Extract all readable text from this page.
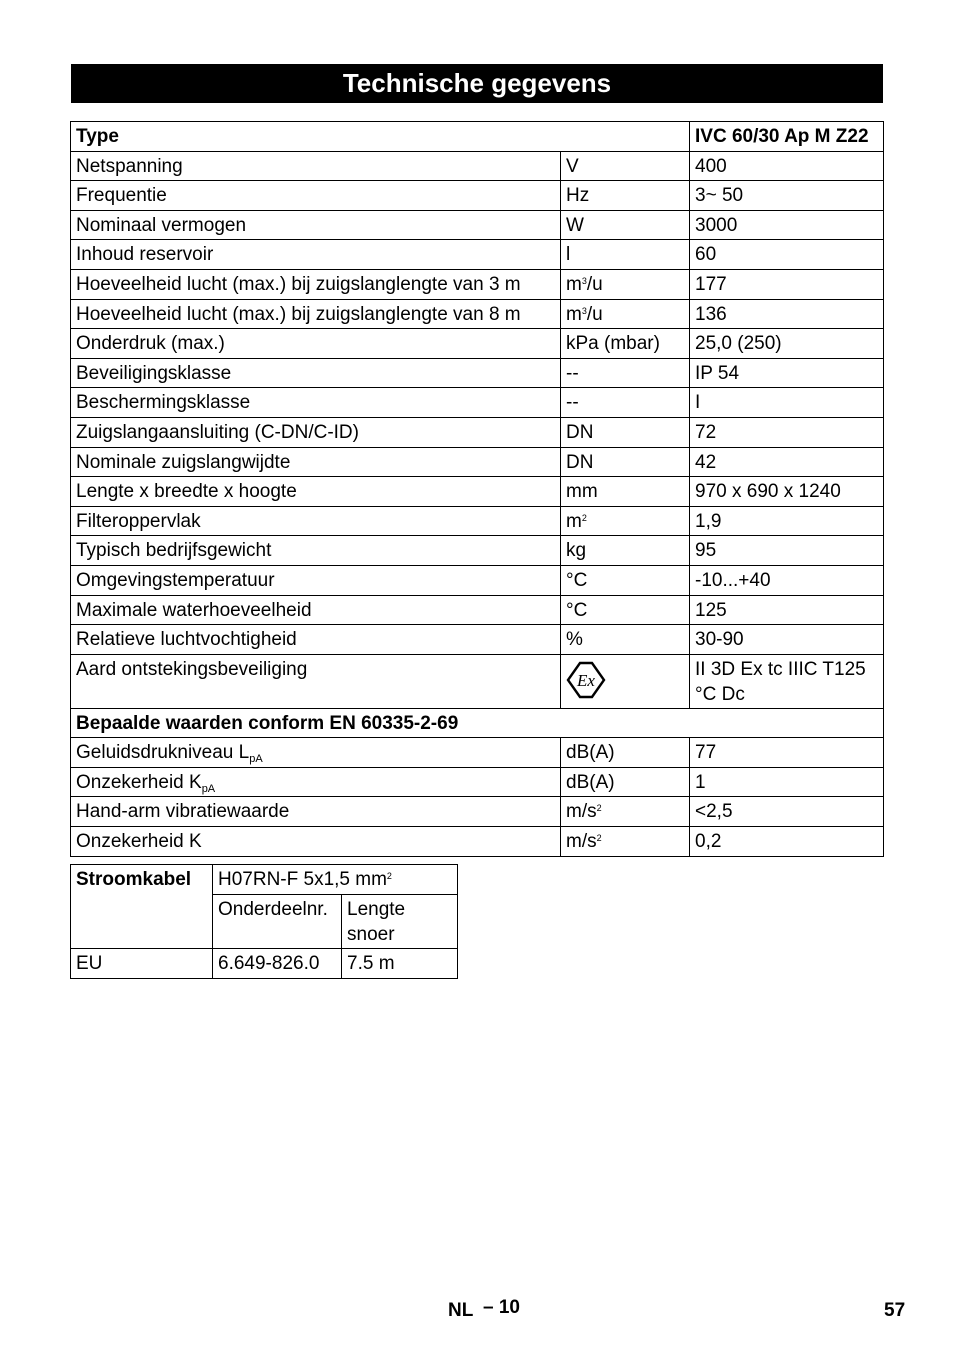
Technische gegevens
Type		IVC 60/30 Ap M Z22
Netspanning	V	400
Frequentie	Hz	3~ 50
Nominaal vermogen	W	3000
Inhoud reservoir	l	60
Hoeveelheid lucht (max.) bij zuigslanglengte van 3 m	$m^3/u$	177
Hoeveelheid lucht (max.) bij zuigslanglengte van 8 m	$m^3/u$	136
Onderdruk (max.)	kPa (mbar)	25,0 (250)
Beveiligingsklasse	--	IP 54
Beschermingsklasse	--	I
Zuigslangaansluiting (C-DN/C-ID)	DN	72
Nominale zuigslangwijdte	DN	42
Lengte x breedte x hoogte	mm	970 x 690 x 1240
Filteroppervlak	$m^2$	1,9
Typisch bedrijfsgewicht	kg	95
Omgevingstemperatuur	°C	-10...+40
Maximale waterhoeveelheid	°C	125
Relatieve luchtvochtigheid	%	30-90
Aard ontstekingsbeveiliging	Ex	II 3D Ex tc IIIC T125
°C Dc
Bepaalde waarden conform EN 60335-2-69		
Geluidsdrukniveau $L_{pA}$	dB(A)	77
Onzekerheid $K_{pA}$	dB(A)	1
Hand-arm vibratiewaarde	$m/s^2$	<2,5
Onzekerheid K	$m/s^2$	0,2
Stroomkabel	H07RN-F 5x1,5 $mm^2$
	Onderdeelnr.	Lengte
snoer
EU	6.649-826.0	7.5 m
NL – 10	57
